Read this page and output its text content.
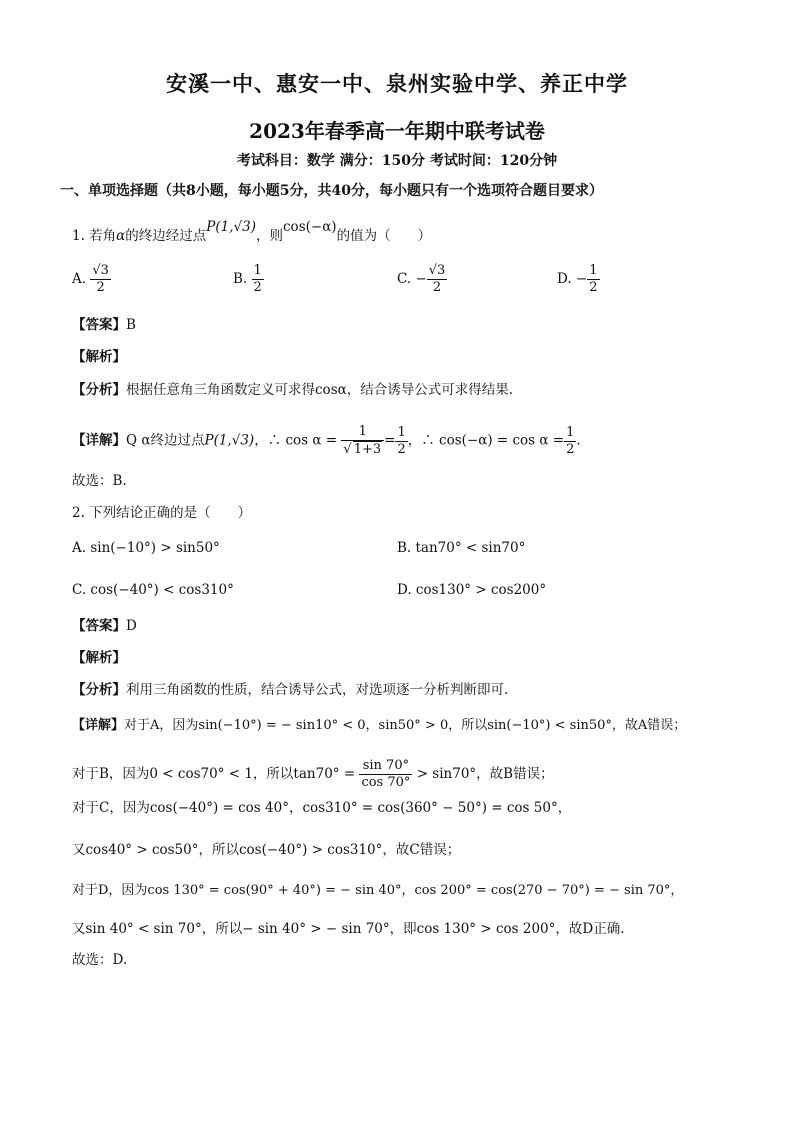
安溪一中、惠安一中、泉州实验中学、养正中学
2023年春季高一年期中联考试卷
考试科目：数学 满分：150分 考试时间：120分钟
一、单项选择题（共8小题，每小题5分，共40分，每小题只有一个选项符合题目要求）
1. 若角α的终边经过点P(1,√3)，则cos(−α)的值为（　　）
A. $\frac{√3}{2}$	B. $\frac{1}{2}$	C. − $\frac{√3}{2}$	D. − $\frac{1}{2}$
【答案】B
【解析】
【分析】根据任意角三角函数定义可求得cosα，结合诱导公式可求得结果.
【详解】Q α终边过点P(1,√3)，∴ $\cos \alpha = \frac{1}{√ 1+3} = \frac{1}{2}$ ，∴ $\cos(-\alpha) = \cos \alpha = \frac{1}{2}$ .
故选：B.
2. 下列结论正确的是（　　）
A. sin(−10°) > sin50°	B. tan70° < sin70°
C. cos(−40°) < cos310°	D. cos130° > cos200°
【答案】D
【解析】
【分析】利用三角函数的性质，结合诱导公式，对选项逐一分析判断即可.
【详解】对于A，因为sin(−10°) = − sin10° < 0，sin50° > 0，所以sin(−10°) < sin50°，故A错误；
对于B，因为0 < cos70° < 1，所以$\tan 70^\circ = \frac{\sin 70^\circ}{\cos 70^\circ} > \sin 70^\circ$，故B错误；
对于C，因为cos(−40°) = cos 40°，cos310° = cos(360° − 50°) = cos 50°，
又cos40° > cos50°，所以cos(−40°) > cos310°，故C错误；
对于D，因为cos 130° = cos(90° + 40°) = − sin 40°，cos 200° = cos(270 − 70°) = − sin 70°，
又sin 40° < sin 70°，所以− sin 40° > − sin 70°，即cos 130° > cos 200°，故D正确.
故选：D.
